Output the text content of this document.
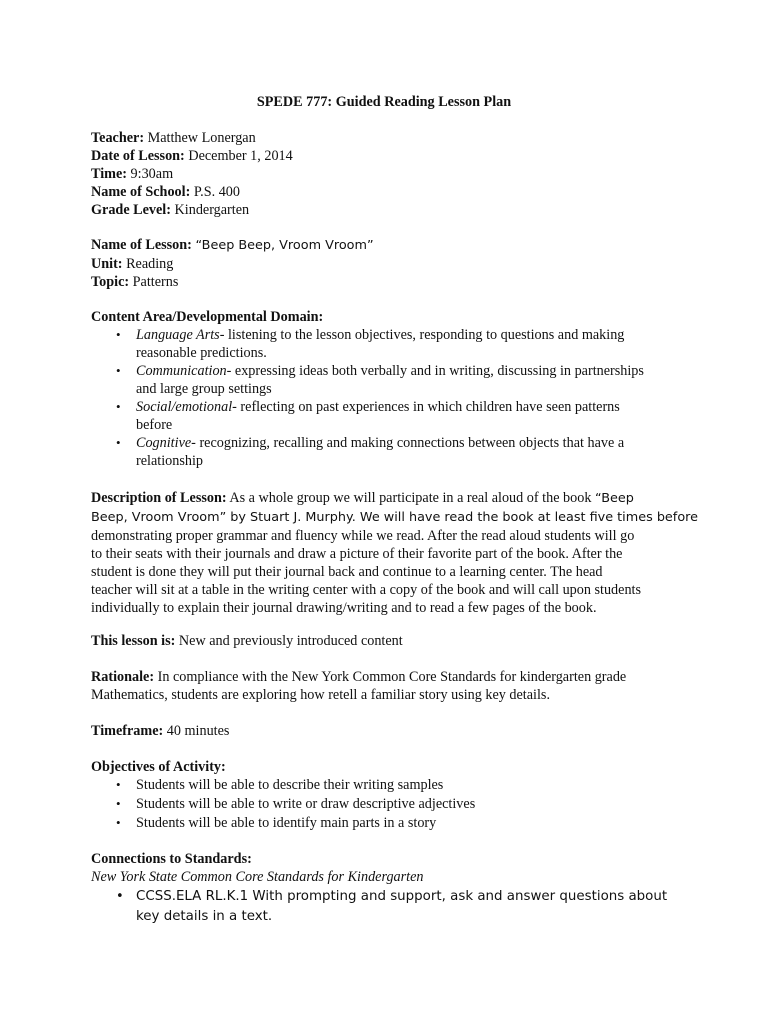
SPEDE 777: Guided Reading Lesson Plan

Teacher: Matthew Lonergan

Date of Lesson: December 1, 2014

Time: 9:30am

Name of School: P.S. 400

Grade Level: Kindergarten

Name of Lesson: “Beep Beep, Vroom Vroom”

Unit: Reading

Topic: Patterns

Content Area/Developmental Domain:

• Language Arts- listening to the lesson objectives, responding to questions and making
reasonable predictions.
• Communication- expressing ideas both verbally and in writing, discussing in partnerships
and large group settings
• Social/emotional- reflecting on past experiences in which children have seen patterns
before
• Cognitive- recognizing, recalling and making connections between objects that have a
relationship

Description of Lesson: As a whole group we will participate in a real aloud of the book “Beep

Beep, Vroom Vroom” by Stuart J. Murphy. We will have read the book at least five times before

demonstrating proper grammar and fluency while we read. After the read aloud students will go

to their seats with their journals and draw a picture of their favorite part of the book. After the

student is done they will put their journal back and continue to a learning center. The head

teacher will sit at a table in the writing center with a copy of the book and will call upon students

individually to explain their journal drawing/writing and to read a few pages of the book.

This lesson is: New and previously introduced content

Rationale: In compliance with the New York Common Core Standards for kindergarten grade

Mathematics, students are exploring how retell a familiar story using key details.

Timeframe: 40 minutes

Objectives of Activity:

• Students will be able to describe their writing samples
• Students will be able to write or draw descriptive adjectives
• Students will be able to identify main parts in a story

Connections to Standards:

New York State Common Core Standards for Kindergarten

• CCSS.ELA RL.K.1 With prompting and support, ask and answer questions about
key details in a text.
